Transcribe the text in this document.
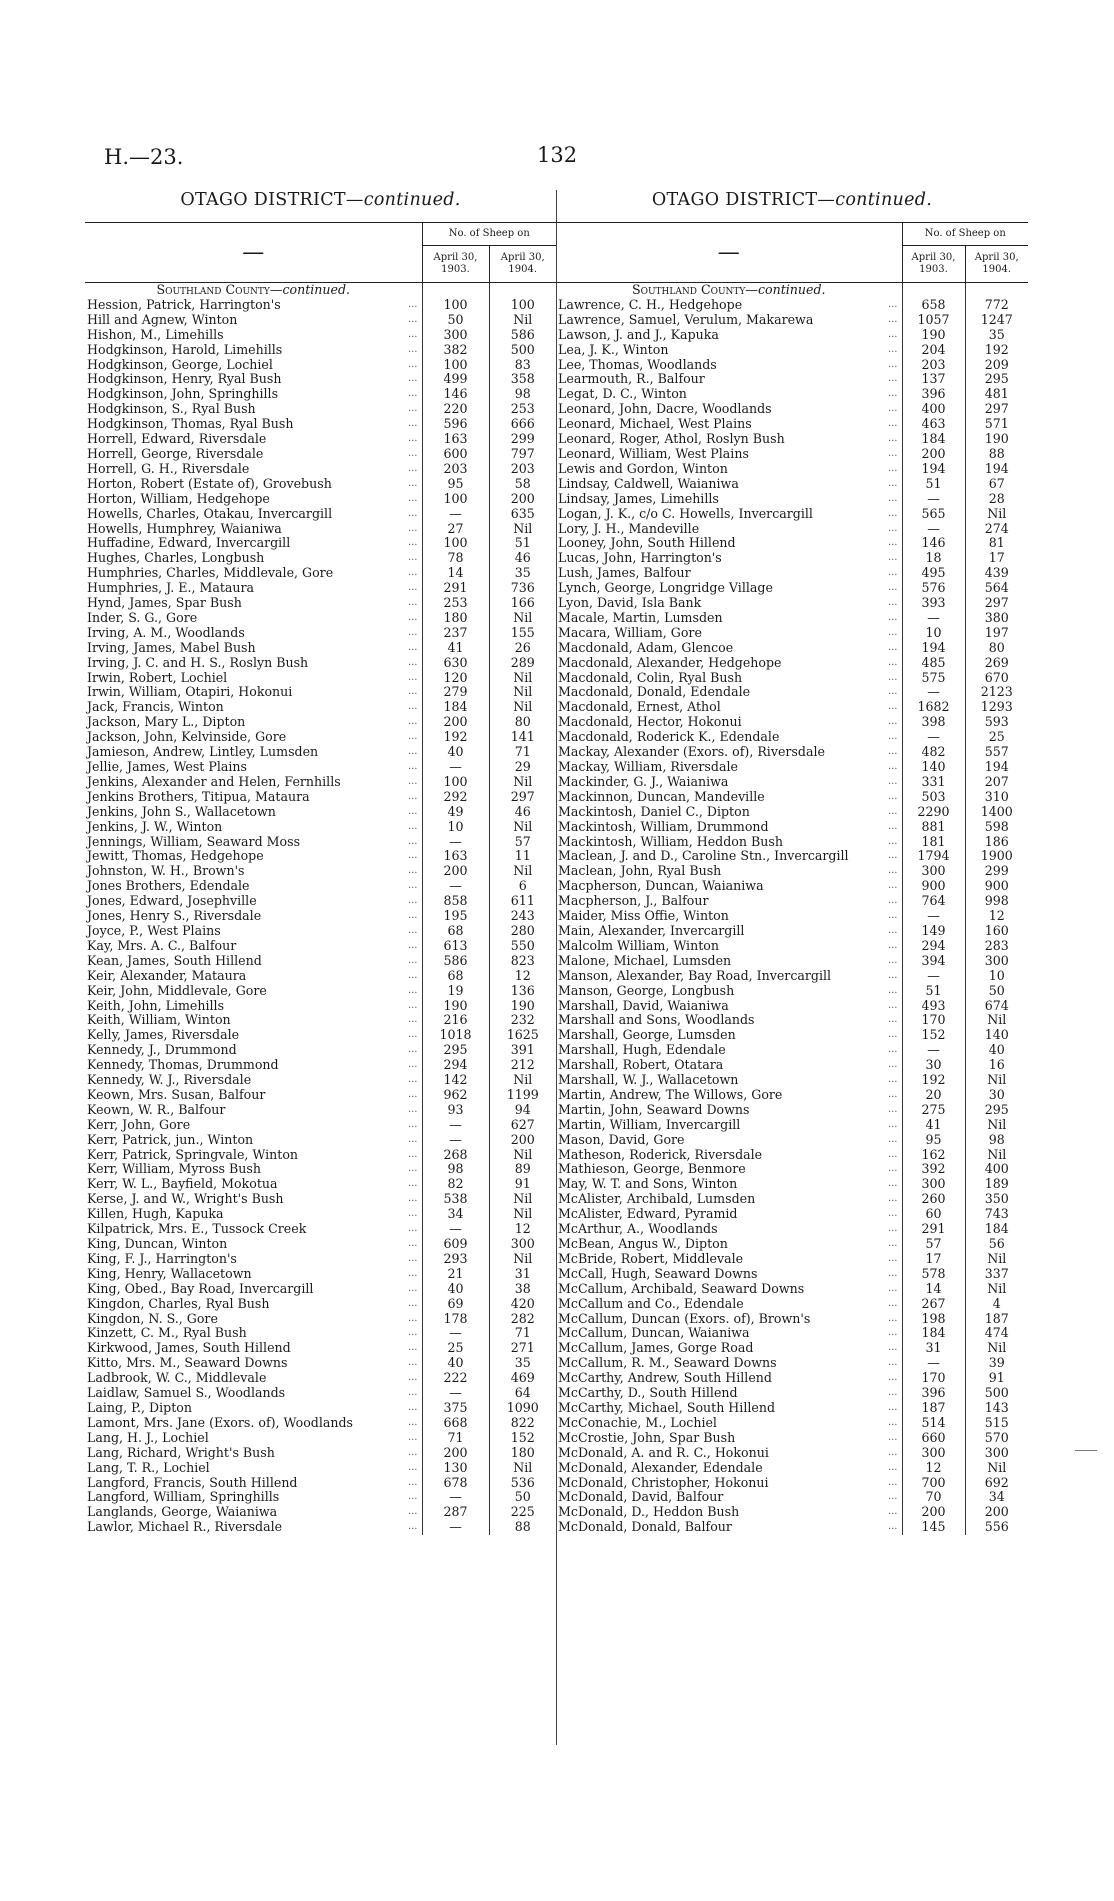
H.—23.	132
OTAGO DISTRICT—continued.
—	No. of Sheep on	
	April 30, 1903.	April 30, 1904.
Southland County—continued.		
Hession, Patrick, Harrington's ...	100	100
Hill and Agnew, Winton ...	50	Nil
Hishon, M., Limehills ...	300	586
Hodgkinson, Harold, Limehills ...	382	500
Hodgkinson, George, Lochiel ...	100	83
Hodgkinson, Henry, Ryal Bush ...	499	358
Hodgkinson, John, Springhills ...	146	98
Hodgkinson, S., Ryal Bush ...	220	253
Hodgkinson, Thomas, Ryal Bush ...	596	666
Horrell, Edward, Riversdale ...	163	299
Horrell, George, Riversdale ...	600	797
Horrell, G. H., Riversdale ...	203	203
Horton, Robert (Estate of), Grovebush ...	95	58
Horton, William, Hedgehope ...	100	200
Howells, Charles, Otakau, Invercargill ...	—	635
Howells, Humphrey, Waianiwa ...	27	Nil
Huffadine, Edward, Invercargill ...	100	51
Hughes, Charles, Longbush ...	78	46
Humphries, Charles, Middlevale, Gore ...	14	35
Humphries, J. E., Mataura ...	291	736
Hynd, James, Spar Bush ...	253	166
Inder, S. G., Gore ...	180	Nil
Irving, A. M., Woodlands ...	237	155
Irving, James, Mabel Bush ...	41	26
Irving, J. C. and H. S., Roslyn Bush ...	630	289
Irwin, Robert, Lochiel ...	120	Nil
Irwin, William, Otapiri, Hokonui ...	279	Nil
Jack, Francis, Winton ...	184	Nil
Jackson, Mary L., Dipton ...	200	80
Jackson, John, Kelvinside, Gore ...	192	141
Jamieson, Andrew, Lintley, Lumsden ...	40	71
Jellie, James, West Plains ...	—	29
Jenkins, Alexander and Helen, Fernhills ...	100	Nil
Jenkins Brothers, Titipua, Mataura ...	292	297
Jenkins, John S., Wallacetown ...	49	46
Jenkins, J. W., Winton ...	10	Nil
Jennings, William, Seaward Moss ...	—	57
Jewitt, Thomas, Hedgehope ...	163	11
Johnston, W. H., Brown's ...	200	Nil
Jones Brothers, Edendale ...	—	6
Jones, Edward, Josephville ...	858	611
Jones, Henry S., Riversdale ...	195	243
Joyce, P., West Plains ...	68	280
Kay, Mrs. A. C., Balfour ...	613	550
Kean, James, South Hillend ...	586	823
Keir, Alexander, Mataura ...	68	12
Keir, John, Middlevale, Gore ...	19	136
Keith, John, Limehills ...	190	190
Keith, William, Winton ...	216	232
Kelly, James, Riversdale ...	1018	1625
Kennedy, J., Drummond ...	295	391
Kennedy, Thomas, Drummond ...	294	212
Kennedy, W. J., Riversdale ...	142	Nil
Keown, Mrs. Susan, Balfour ...	962	1199
Keown, W. R., Balfour ...	93	94
Kerr, John, Gore ...	—	627
Kerr, Patrick, jun., Winton ...	—	200
Kerr, Patrick, Springvale, Winton ...	268	Nil
Kerr, William, Myross Bush ...	98	89
Kerr, W. L., Bayfield, Mokotua ...	82	91
Kerse, J. and W., Wright's Bush ...	538	Nil
Killen, Hugh, Kapuka ...	34	Nil
Kilpatrick, Mrs. E., Tussock Creek ...	—	12
King, Duncan, Winton ...	609	300
King, F. J., Harrington's ...	293	Nil
King, Henry, Wallacetown ...	21	31
King, Obed., Bay Road, Invercargill ...	40	38
Kingdon, Charles, Ryal Bush ...	69	420
Kingdon, N. S., Gore ...	178	282
Kinzett, C. M., Ryal Bush ...	—	71
Kirkwood, James, South Hillend ...	25	271
Kitto, Mrs. M., Seaward Downs ...	40	35
Ladbrook, W. C., Middlevale ...	222	469
Laidlaw, Samuel S., Woodlands ...	—	64
Laing, P., Dipton ...	375	1090
Lamont, Mrs. Jane (Exors. of), Woodlands ...	668	822
Lang, H. J., Lochiel ...	71	152
Lang, Richard, Wright's Bush ...	200	180
Lang, T. R., Lochiel ...	130	Nil
Langford, Francis, South Hillend ...	678	536
Langford, William, Springhills ...	—	50
Langlands, George, Waianiwa ...	287	225
Lawlor, Michael R., Riversdale ...	—	88
OTAGO DISTRICT—continued.
—	No. of Sheep on	
	April 30, 1903.	April 30, 1904.
Southland County—continued.		
Lawrence, C. H., Hedgehope ...	658	772
Lawrence, Samuel, Verulum, Makarewa ...	1057	1247
Lawson, J. and J., Kapuka ...	190	35
Lea, J. K., Winton ...	204	192
Lee, Thomas, Woodlands ...	203	209
Learmouth, R., Balfour ...	137	295
Legat, D. C., Winton ...	396	481
Leonard, John, Dacre, Woodlands ...	400	297
Leonard, Michael, West Plains ...	463	571
Leonard, Roger, Athol, Roslyn Bush ...	184	190
Leonard, William, West Plains ...	200	88
Lewis and Gordon, Winton ...	194	194
Lindsay, Caldwell, Waianiwa ...	51	67
Lindsay, James, Limehills ...	—	28
Logan, J. K., c/o C. Howells, Invercargill ...	565	Nil
Lory, J. H., Mandeville ...	—	274
Looney, John, South Hillend ...	146	81
Lucas, John, Harrington's ...	18	17
Lush, James, Balfour ...	495	439
Lynch, George, Longridge Village ...	576	564
Lyon, David, Isla Bank ...	393	297
Macale, Martin, Lumsden ...	—	380
Macara, William, Gore ...	10	197
Macdonald, Adam, Glencoe ...	194	80
Macdonald, Alexander, Hedgehope ...	485	269
Macdonald, Colin, Ryal Bush ...	575	670
Macdonald, Donald, Edendale ...	—	2123
Macdonald, Ernest, Athol ...	1682	1293
Macdonald, Hector, Hokonui ...	398	593
Macdonald, Roderick K., Edendale ...	—	25
Mackay, Alexander (Exors. of), Riversdale ...	482	557
Mackay, William, Riversdale ...	140	194
Mackinder, G. J., Waianiwa ...	331	207
Mackinnon, Duncan, Mandeville ...	503	310
Mackintosh, Daniel C., Dipton ...	2290	1400
Mackintosh, William, Drummond ...	881	598
Mackintosh, William, Heddon Bush ...	181	186
Maclean, J. and D., Caroline Stn., Invercargill ...	1794	1900
Maclean, John, Ryal Bush ...	300	299
Macpherson, Duncan, Waianiwa ...	900	900
Macpherson, J., Balfour ...	764	998
Maider, Miss Offie, Winton ...	—	12
Main, Alexander, Invercargill ...	149	160
Malcolm William, Winton ...	294	283
Malone, Michael, Lumsden ...	394	300
Manson, Alexander, Bay Road, Invercargill ...	—	10
Manson, George, Longbush ...	51	50
Marshall, David, Waianiwa ...	493	674
Marshall and Sons, Woodlands ...	170	Nil
Marshall, George, Lumsden ...	152	140
Marshall, Hugh, Edendale ...	—	40
Marshall, Robert, Otatara ...	30	16
Marshall, W. J., Wallacetown ...	192	Nil
Martin, Andrew, The Willows, Gore ...	20	30
Martin, John, Seaward Downs ...	275	295
Martin, William, Invercargill ...	41	Nil
Mason, David, Gore ...	95	98
Matheson, Roderick, Riversdale ...	162	Nil
Mathieson, George, Benmore ...	392	400
May, W. T. and Sons, Winton ...	300	189
McAlister, Archibald, Lumsden ...	260	350
McAlister, Edward, Pyramid ...	60	743
McArthur, A., Woodlands ...	291	184
McBean, Angus W., Dipton ...	57	56
McBride, Robert, Middlevale ...	17	Nil
McCall, Hugh, Seaward Downs ...	578	337
McCallum, Archibald, Seaward Downs ...	14	Nil
McCallum and Co., Edendale ...	267	4
McCallum, Duncan (Exors. of), Brown's ...	198	187
McCallum, Duncan, Waianiwa ...	184	474
McCallum, James, Gorge Road ...	31	Nil
McCallum, R. M., Seaward Downs ...	—	39
McCarthy, Andrew, South Hillend ...	170	91
McCarthy, D., South Hillend ...	396	500
McCarthy, Michael, South Hillend ...	187	143
McConachie, M., Lochiel ...	514	515
McCrostie, John, Spar Bush ...	660	570
McDonald, A. and R. C., Hokonui ...	300	300
McDonald, Alexander, Edendale ...	12	Nil
McDonald, Christopher, Hokonui ...	700	692
McDonald, David, Balfour ...	70	34
McDonald, D., Heddon Bush ...	200	200
McDonald, Donald, Balfour ...	145	556
